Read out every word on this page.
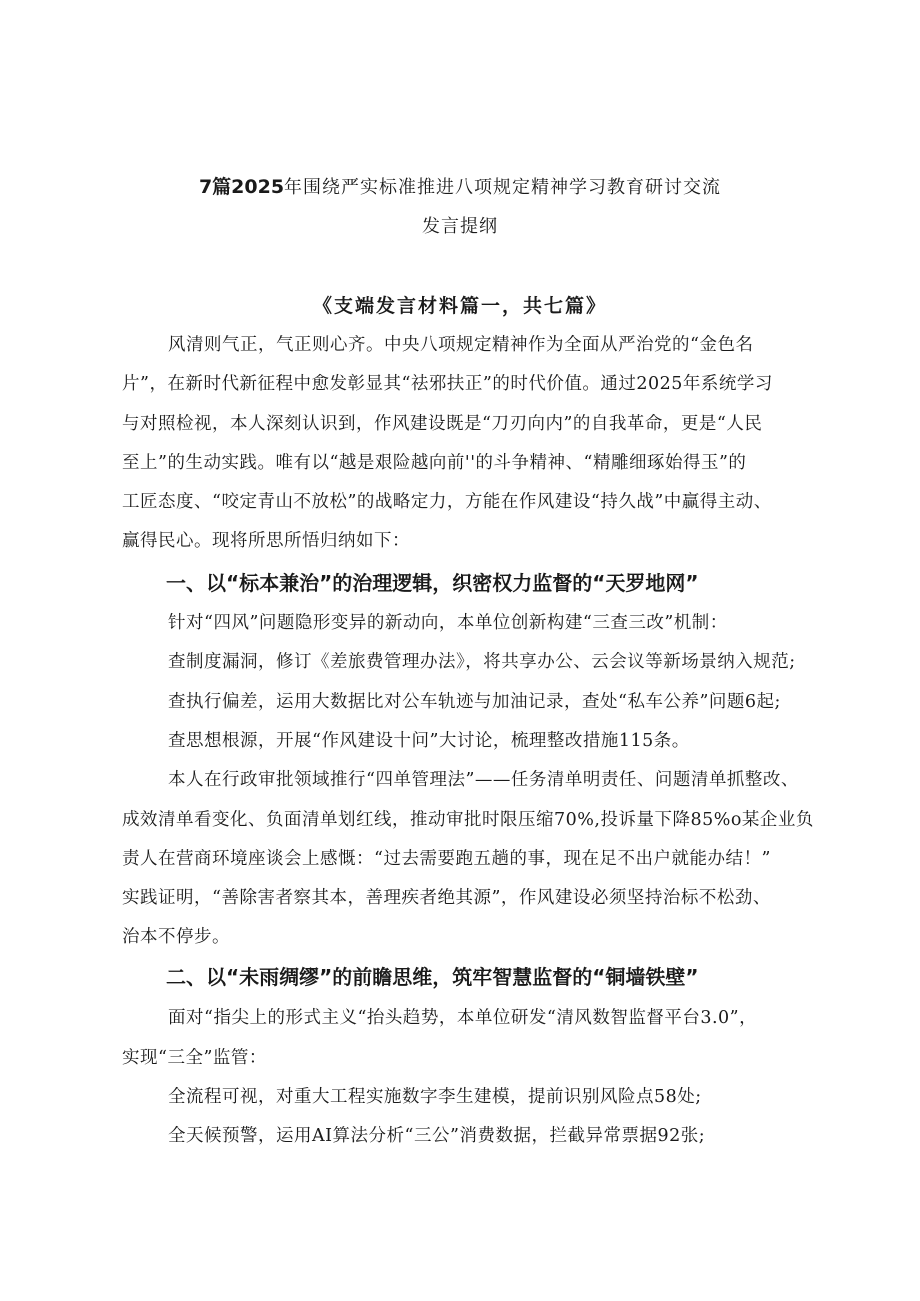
7篇2025年围绕严实标准推进八项规定精神学习教育研讨交流
发言提纲
《支端发言材料篇一，共七篇》
风清则气正，气正则心齐。中央八项规定精神作为全面从严治党的“金色名
片”，在新时代新征程中愈发彰显其“祛邪扶正”的时代价值。通过2025年系统学习
与对照检视，本人深刻认识到，作风建设既是“刀刃向内”的自我革命，更是“人民
至上”的生动实践。唯有以“越是艰险越向前''的斗争精神、“精雕细琢始得玉”的
工匠态度、“咬定青山不放松”的战略定力，方能在作风建设“持久战”中赢得主动、
赢得民心。现将所思所悟归纳如下：
一、以“标本兼治”的治理逻辑，织密权力监督的“天罗地网”
针对“四风”问题隐形变异的新动向，本单位创新构建“三查三改”机制：
查制度漏洞，修订《差旅费管理办法》，将共享办公、云会议等新场景纳入规范;
查执行偏差，运用大数据比对公车轨迹与加油记录，查处“私车公养”问题6起;
查思想根源，开展“作风建设十问”大讨论，梳理整改措施115条。
本人在行政审批领域推行“四单管理法”——任务清单明责任、问题清单抓整改、
成效清单看变化、负面清单划红线，推动审批时限压缩70%,投诉量下降85%o某企业负
责人在营商环境座谈会上感慨：“过去需要跑五趟的事，现在足不出户就能办结！”
实践证明，“善除害者察其本，善理疾者绝其源”，作风建设必须坚持治标不松劲、
治本不停步。
二、以“未雨绸缪”的前瞻思维，筑牢智慧监督的“铜墙铁壁”
面对“指尖上的形式主义“抬头趋势，本单位研发“清风数智监督平台3.0”，
实现“三全”监管：
全流程可视，对重大工程实施数字李生建模，提前识别风险点58处;
全天候预警，运用AI算法分析“三公”消费数据，拦截异常票据92张;
